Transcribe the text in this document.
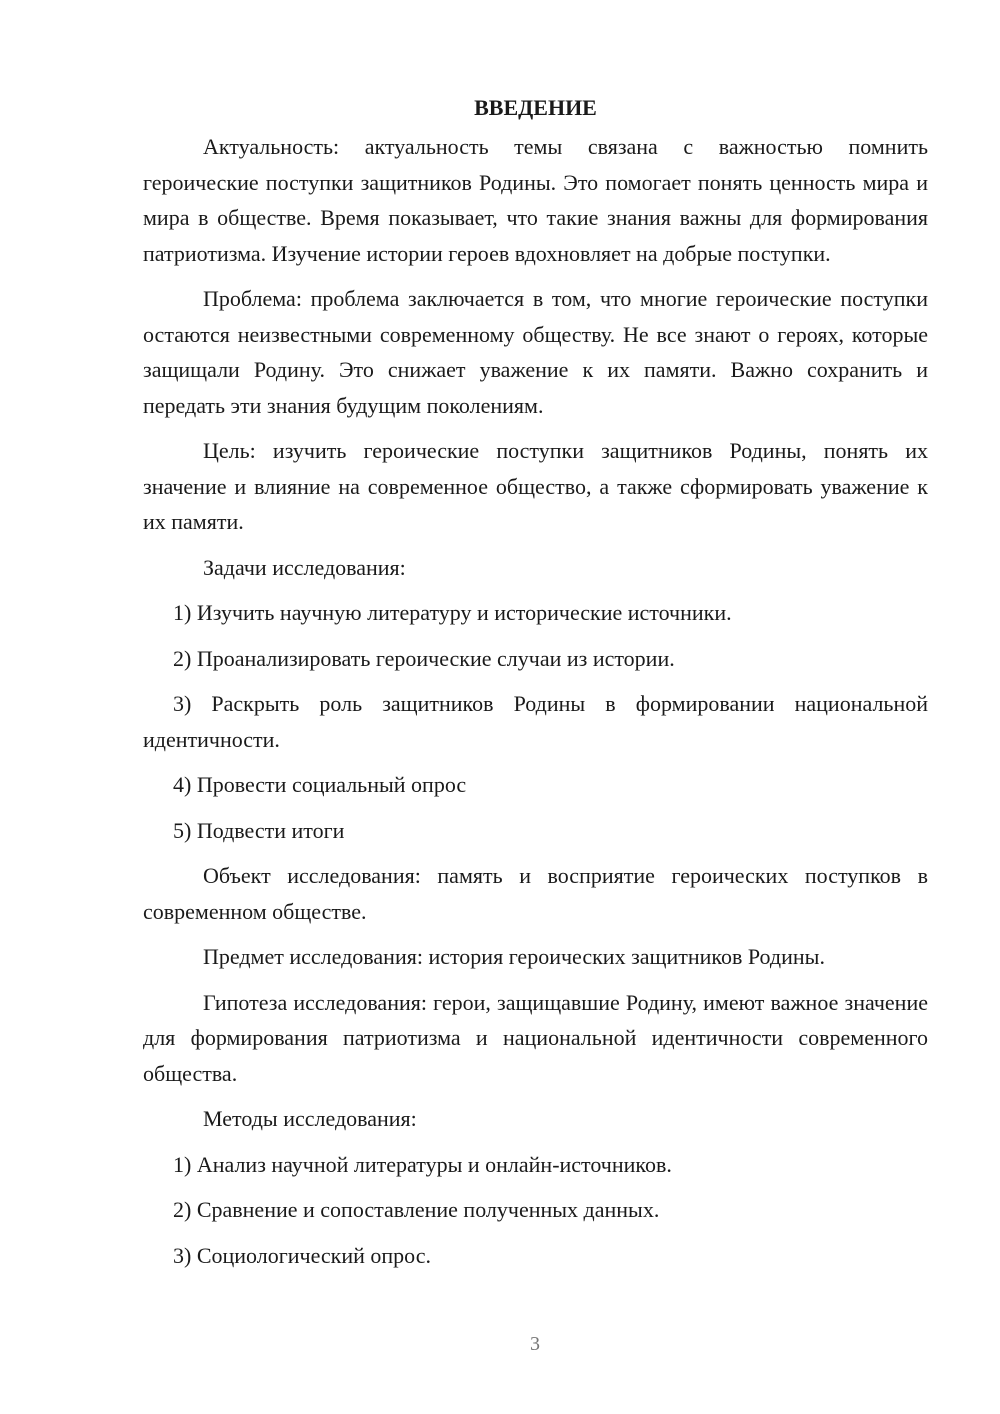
ВВЕДЕНИЕ

Актуальность: актуальность темы связана с важностью помнить героические поступки защитников Родины. Это помогает понять ценность мира и мира в обществе. Время показывает, что такие знания важны для формирования патриотизма. Изучение истории героев вдохновляет на добрые поступки.

Проблема: проблема заключается в том, что многие героические поступки остаются неизвестными современному обществу. Не все знают о героях, которые защищали Родину. Это снижает уважение к их памяти. Важно сохранить и передать эти знания будущим поколениям.

Цель: изучить героические поступки защитников Родины, понять их значение и влияние на современное общество, а также сформировать уважение к их памяти.

Задачи исследования:

1) Изучить научную литературу и исторические источники.

2) Проанализировать героические случаи из истории.

3) Раскрыть роль защитников Родины в формировании национальной идентичности.

4) Провести социальный опрос

5) Подвести итоги

Объект исследования: память и восприятие героических поступков в современном обществе.

Предмет исследования: история героических защитников Родины.

Гипотеза исследования: герои, защищавшие Родину, имеют важное значение для формирования патриотизма и национальной идентичности современного общества.

Методы исследования:

1) Анализ научной литературы и онлайн-источников.

2) Сравнение и сопоставление полученных данных.

3) Социологический опрос.

3
